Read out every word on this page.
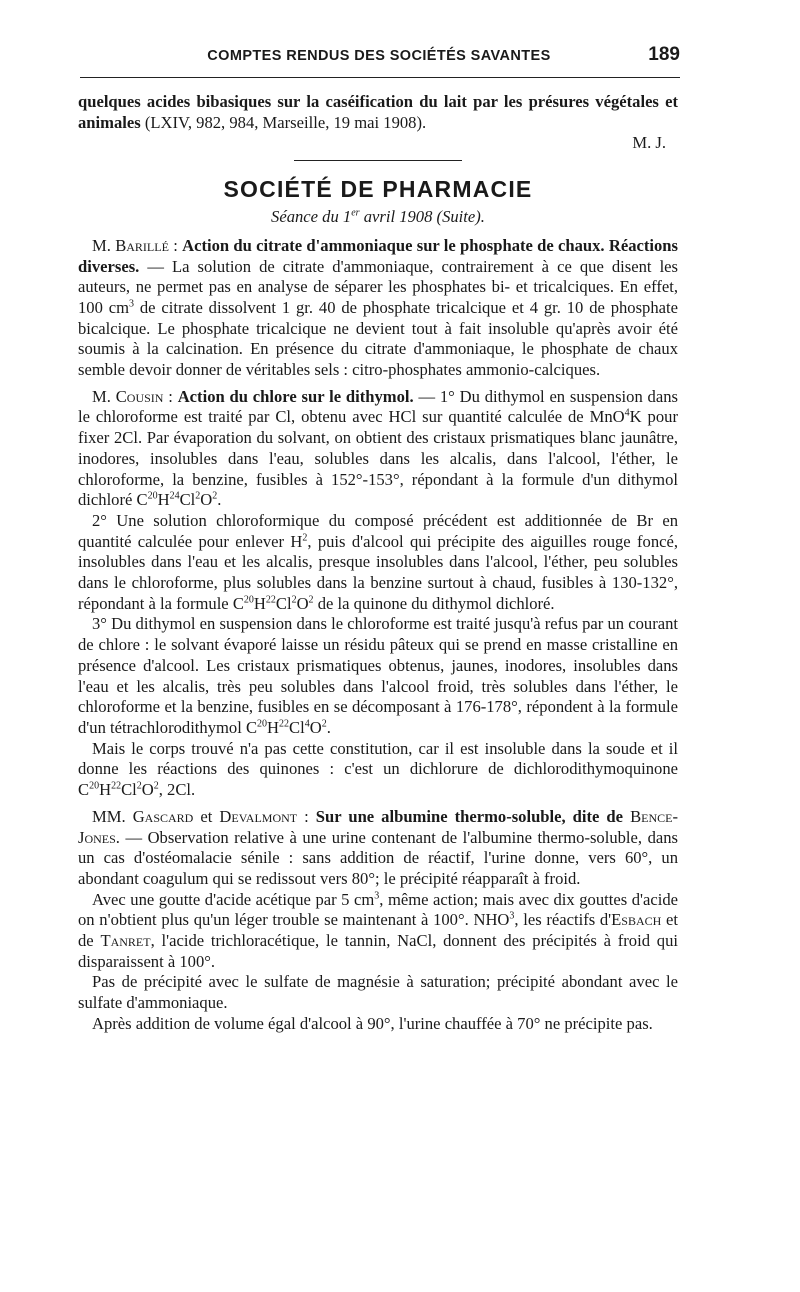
COMPTES RENDUS DES SOCIÉTÉS SAVANTES	189

quelques acides bibasiques sur la caséification du lait par les présures végétales et animales (LXIV, 982, 984, Marseille, 19 mai 1908).

M. J.

SOCIÉTÉ DE PHARMACIE

Séance du 1er avril 1908 (Suite).

M. Barillé : Action du citrate d'ammoniaque sur le phosphate de chaux. Réactions diverses. — La solution de citrate d'ammoniaque, contrairement à ce que disent les auteurs, ne permet pas en analyse de séparer les phosphates bi- et tricalciques. En effet, 100 $cm^3$ de citrate dissolvent 1 gr. 40 de phosphate tricalcique et 4 gr. 10 de phosphate bicalcique. Le phosphate tricalcique ne devient tout à fait insoluble qu'après avoir été soumis à la calcination. En présence du citrate d'ammoniaque, le phosphate de chaux semble devoir donner de véritables sels : citro-phosphates ammonio-calciques.

M. Cousin : Action du chlore sur le dithymol. — 1° Du dithymol en suspension dans le chloroforme est traité par Cl, obtenu avec HCl sur quantité calculée de MnO$^4$K pour fixer 2Cl. Par évaporation du solvant, on obtient des cristaux prismatiques blanc jaunâtre, inodores, insolubles dans l'eau, solubles dans les alcalis, dans l'alcool, l'éther, le chloroforme, la benzine, fusibles à 152°-153°, répondant à la formule d'un dithymol dichloré $C^{20}H^{24}Cl^2O^2$.

2° Une solution chloroformique du composé précédent est additionnée de Br en quantité calculée pour enlever $H^2$, puis d'alcool qui précipite des aiguilles rouge foncé, insolubles dans l'eau et les alcalis, presque insolubles dans l'alcool, l'éther, peu solubles dans le chloroforme, plus solubles dans la benzine surtout à chaud, fusibles à 130-132°, répondant à la formule $C^{20}H^{22}Cl^2O^2$ de la quinone du dithymol dichloré.

3° Du dithymol en suspension dans le chloroforme est traité jusqu'à refus par un courant de chlore : le solvant évaporé laisse un résidu pâteux qui se prend en masse cristalline en présence d'alcool. Les cristaux prismatiques obtenus, jaunes, inodores, insolubles dans l'eau et les alcalis, très peu solubles dans l'alcool froid, très solubles dans l'éther, le chloroforme et la benzine, fusibles en se décomposant à 176-178°, répondent à la formule d'un tétrachlorodithymol $C^{20}H^{22}Cl^4O^2$.

Mais le corps trouvé n'a pas cette constitution, car il est insoluble dans la soude et il donne les réactions des quinones : c'est un dichlorure de dichlorodithymoquinone $C^{20}H^{22}Cl^2O^2$, 2Cl.

MM. Gascard et Devalmont : Sur une albumine thermo-soluble, dite de Bence-Jones. — Observation relative à une urine contenant de l'albumine thermo-soluble, dans un cas d'ostéomalacie sénile : sans addition de réactif, l'urine donne, vers 60°, un abondant coagulum qui se redissout vers 80°; le précipité réapparaît à froid.

Avec une goutte d'acide acétique par 5 $cm^3$, même action; mais avec dix gouttes d'acide on n'obtient plus qu'un léger trouble se maintenant à 100°. NHO$^3$, les réactifs d'Esbach et de Tanret, l'acide trichloracétique, le tannin, NaCl, donnent des précipités à froid qui disparaissent à 100°.

Pas de précipité avec le sulfate de magnésie à saturation; précipité abondant avec le sulfate d'ammoniaque.

Après addition de volume égal d'alcool à 90°, l'urine chauffée à 70° ne précipite pas.
